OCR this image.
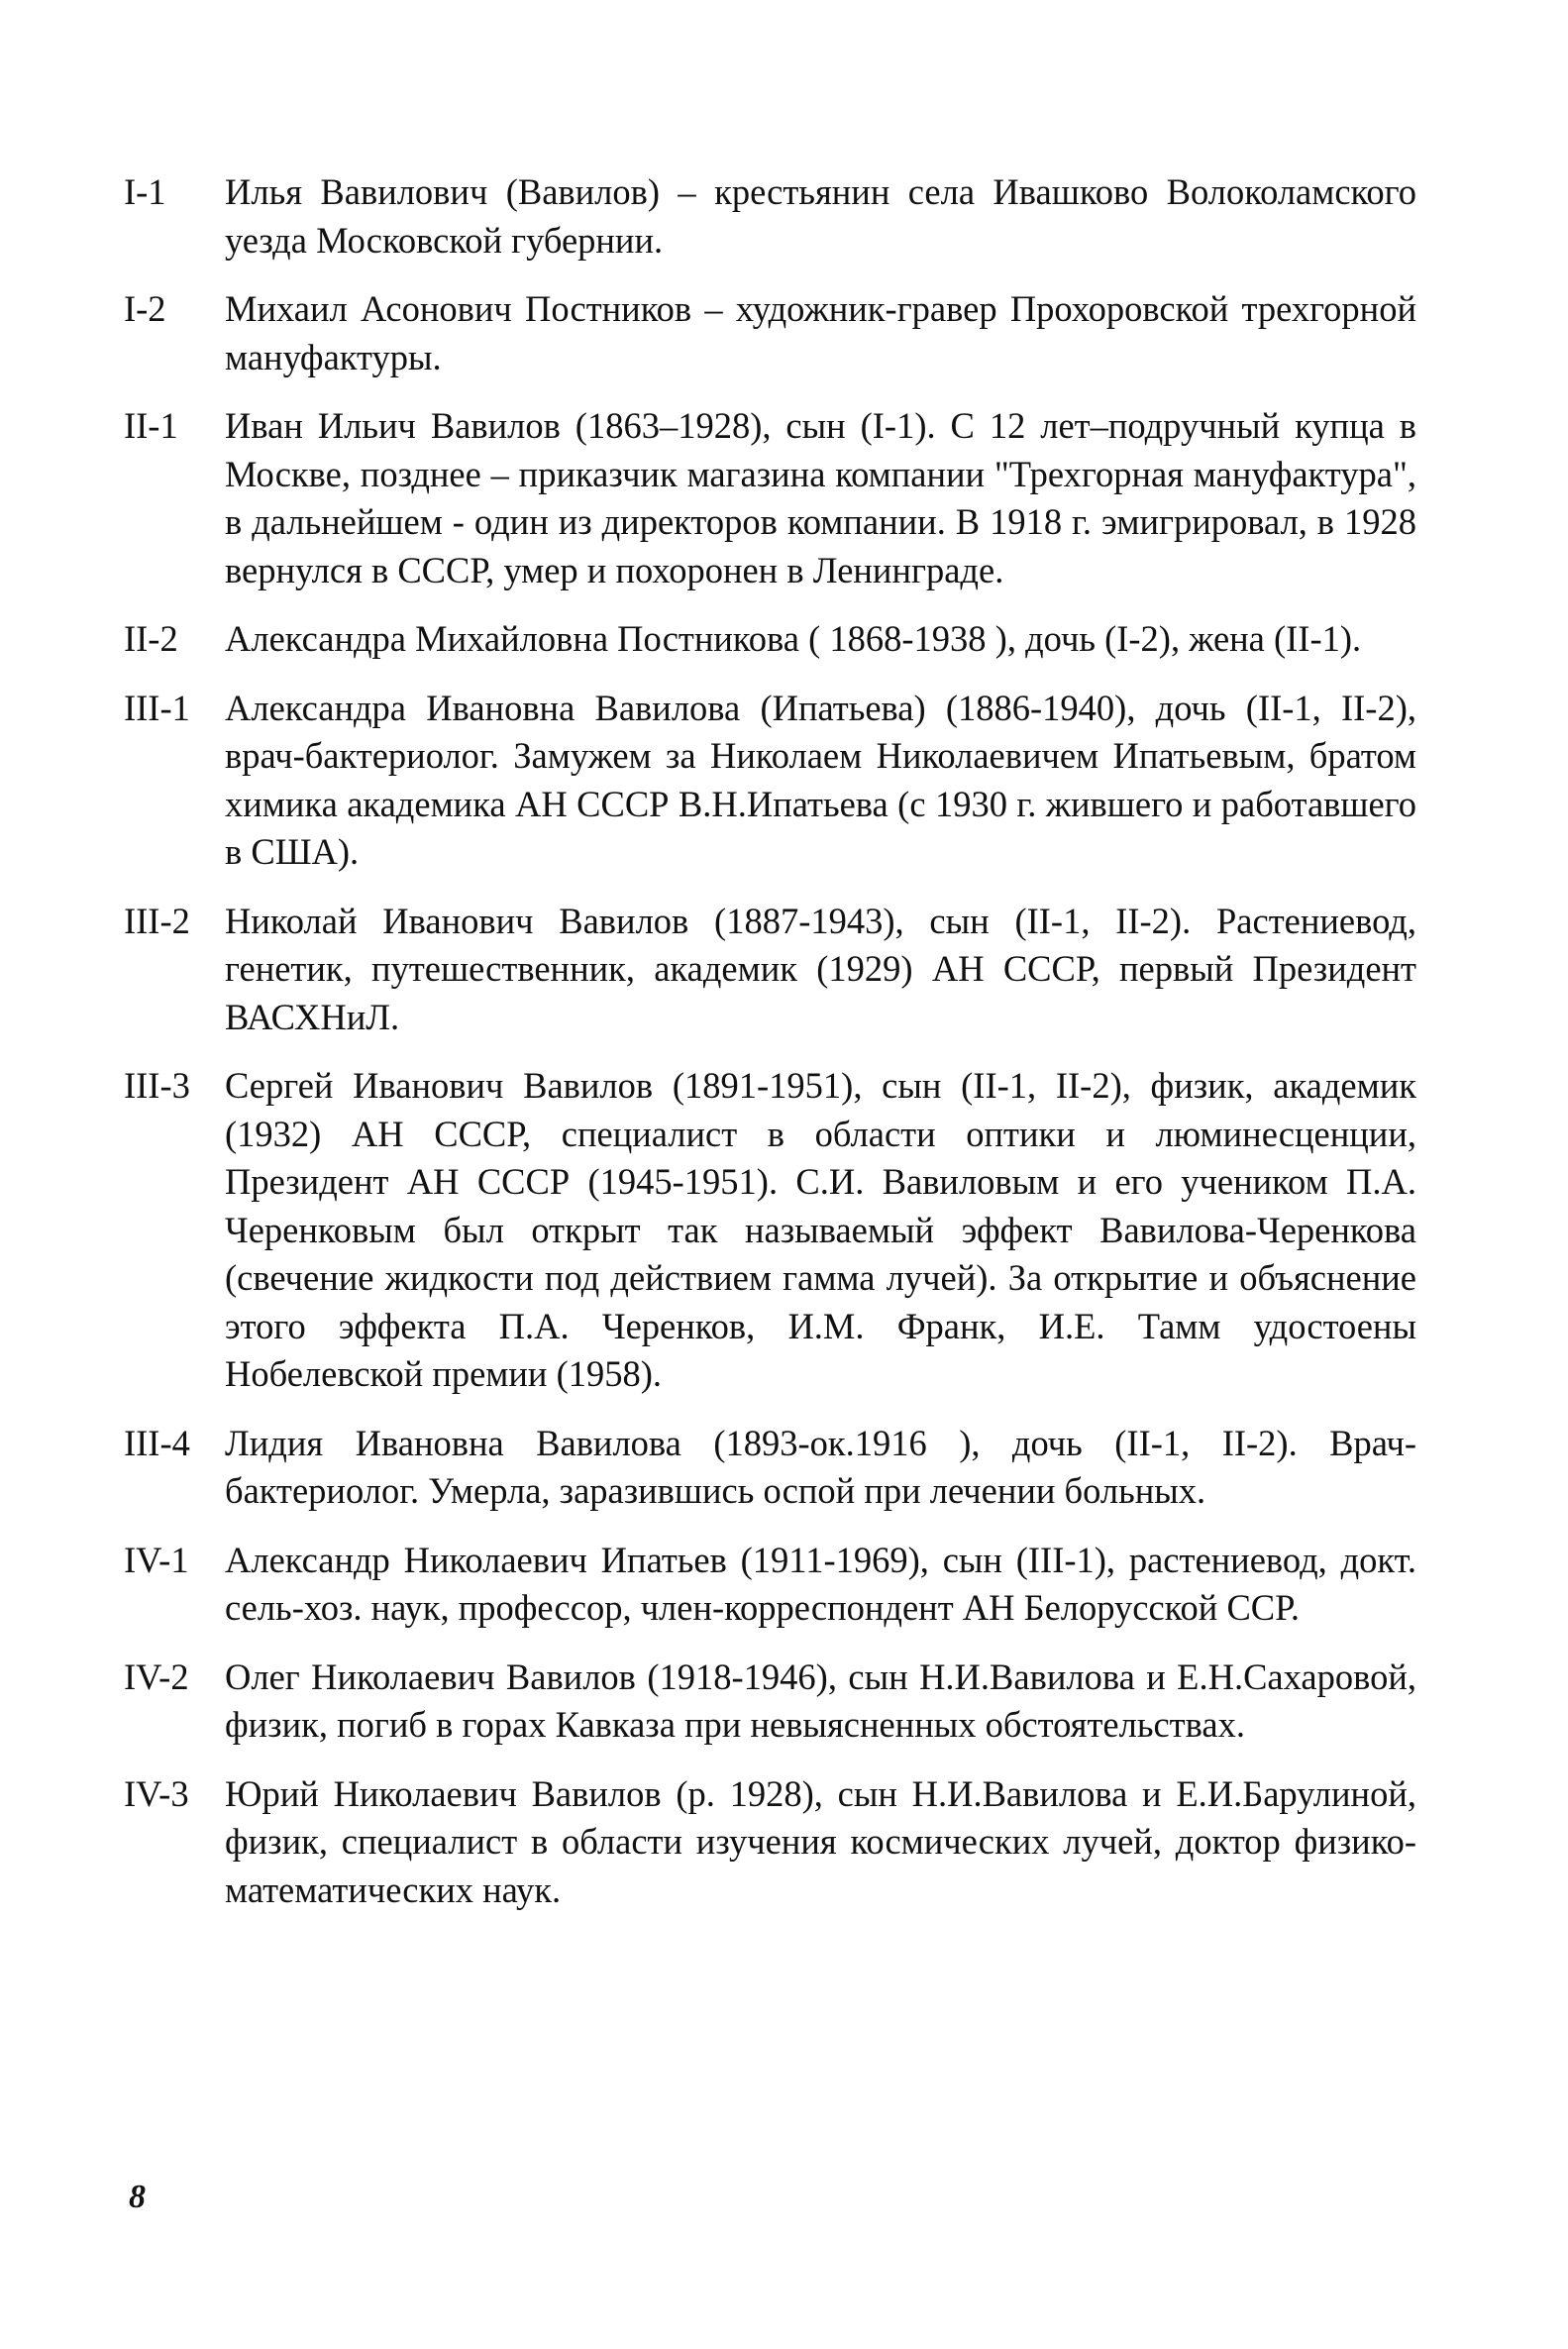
I-1 Илья Вавилович (Вавилов) – крестьянин села Ивашково Волоколамского уезда Московской губернии.

I-2 Михаил Асонович Постников – художник-гравер Прохоровской трехгорной мануфактуры.

II-1 Иван Ильич Вавилов (1863–1928), сын (I-1). С 12 лет–подручный купца в Москве, позднее – приказчик магазина компании "Трехгорная мануфактура", в дальнейшем - один из директоров компании. В 1918 г. эмигрировал, в 1928 вернулся в СССР, умер и похоронен в Ленинграде.

II-2 Александра Михайловна Постникова ( 1868-1938 ), дочь (I-2), жена (II-1).

III-1 Александра Ивановна Вавилова (Ипатьева) (1886-1940), дочь (II-1, II-2), врач-бактериолог. Замужем за Николаем Николаевичем Ипатьевым, братом химика академика АН СССР В.Н.Ипатьева (с 1930 г. жившего и работавшего в США).

III-2 Николай Иванович Вавилов (1887-1943), сын (II-1, II-2). Растениевод, генетик, путешественник, академик (1929) АН СССР, первый Президент ВАСХНиЛ.

III-3 Сергей Иванович Вавилов (1891-1951), сын (II-1, II-2), физик, академик (1932) АН СССР, специалист в области оптики и люминесценции, Президент АН СССР (1945-1951). С.И. Вавиловым и его учеником П.А. Черенковым был открыт так называемый эффект Вавилова-Черенкова (свечение жидкости под действием гамма лучей). За открытие и объяснение этого эффекта П.А. Черенков, И.М. Франк, И.Е. Тамм удостоены Нобелевской премии (1958).

III-4 Лидия Ивановна Вавилова (1893-ок.1916 ), дочь (II-1, II-2). Врач-бактериолог. Умерла, заразившись оспой при лечении больных.

IV-1 Александр Николаевич Ипатьев (1911-1969), сын (III-1), растениевод, докт. сель-хоз. наук, профессор, член-корреспондент АН Белорусской ССР.

IV-2 Олег Николаевич Вавилов (1918-1946), сын Н.И.Вавилова и Е.Н.Сахаровой, физик, погиб в горах Кавказа при невыясненных обстоятельствах.

IV-3 Юрий Николаевич Вавилов (р. 1928), сын Н.И.Вавилова и Е.И.Барулиной, физик, специалист в области изучения космических лучей, доктор физико-математических наук.

8
